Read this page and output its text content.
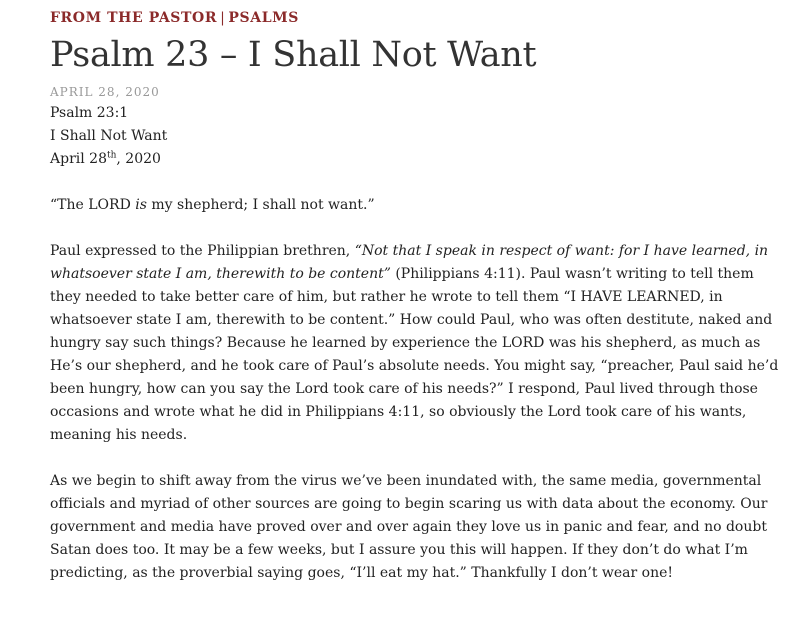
FROM THE PASTOR | PSALMS
Psalm 23 – I Shall Not Want
APRIL 28, 2020

Psalm 23:1

I Shall Not Want

April 28th, 2020

“The LORD is my shepherd; I shall not want.”

Paul expressed to the Philippian brethren, “Not that I speak in respect of want: for I have learned, in whatsoever state I am, therewith to be content” (Philippians 4:11). Paul wasn’t writing to tell them they needed to take better care of him, but rather he wrote to tell them “I HAVE LEARNED, in whatsoever state I am, therewith to be content.” How could Paul, who was often destitute, naked and hungry say such things? Because he learned by experience the LORD was his shepherd, as much as He’s our shepherd, and he took care of Paul’s absolute needs. You might say, “preacher, Paul said he’d been hungry, how can you say the Lord took care of his needs?” I respond, Paul lived through those occasions and wrote what he did in Philippians 4:11, so obviously the Lord took care of his wants, meaning his needs.

As we begin to shift away from the virus we’ve been inundated with, the same media, governmental officials and myriad of other sources are going to begin scaring us with data about the economy. Our government and media have proved over and over again they love us in panic and fear, and no doubt Satan does too. It may be a few weeks, but I assure you this will happen. If they don’t do what I’m predicting, as the proverbial saying goes, “I’ll eat my hat.” Thankfully I don’t wear one!
